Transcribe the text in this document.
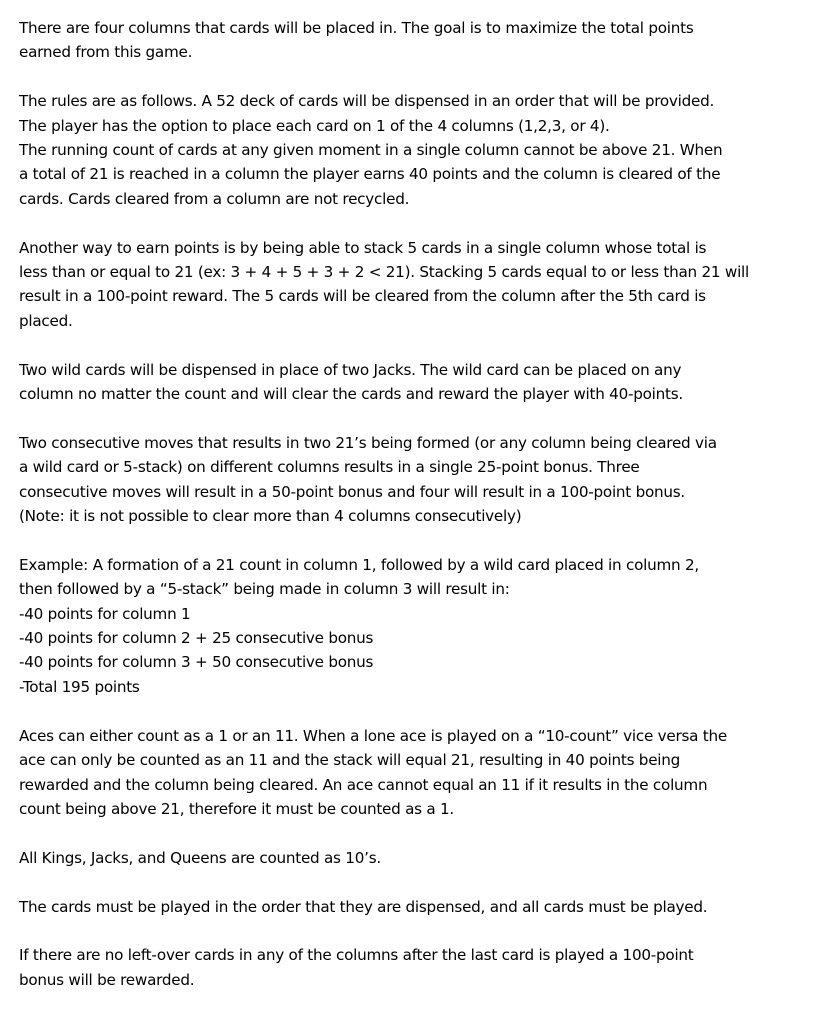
There are four columns that cards will be placed in. The goal is to maximize the total points
earned from this game.

The rules are as follows. A 52 deck of cards will be dispensed in an order that will be provided.
The player has the option to place each card on 1 of the 4 columns (1,2,3, or 4).
The running count of cards at any given moment in a single column cannot be above 21. When
a total of 21 is reached in a column the player earns 40 points and the column is cleared of the
cards. Cards cleared from a column are not recycled.

Another way to earn points is by being able to stack 5 cards in a single column whose total is
less than or equal to 21 (ex: 3 + 4 + 5 + 3 + 2 < 21). Stacking 5 cards equal to or less than 21 will
result in a 100-point reward. The 5 cards will be cleared from the column after the 5th card is
placed.

Two wild cards will be dispensed in place of two Jacks. The wild card can be placed on any
column no matter the count and will clear the cards and reward the player with 40-points.

Two consecutive moves that results in two 21’s being formed (or any column being cleared via
a wild card or 5-stack) on different columns results in a single 25-point bonus. Three
consecutive moves will result in a 50-point bonus and four will result in a 100-point bonus.
(Note: it is not possible to clear more than 4 columns consecutively)

Example: A formation of a 21 count in column 1, followed by a wild card placed in column 2,
then followed by a “5-stack” being made in column 3 will result in:
-40 points for column 1
-40 points for column 2 + 25 consecutive bonus
-40 points for column 3 + 50 consecutive bonus
-Total 195 points

Aces can either count as a 1 or an 11. When a lone ace is played on a “10-count” vice versa the
ace can only be counted as an 11 and the stack will equal 21, resulting in 40 points being
rewarded and the column being cleared. An ace cannot equal an 11 if it results in the column
count being above 21, therefore it must be counted as a 1.

All Kings, Jacks, and Queens are counted as 10’s.

The cards must be played in the order that they are dispensed, and all cards must be played.

If there are no left-over cards in any of the columns after the last card is played a 100-point
bonus will be rewarded.
